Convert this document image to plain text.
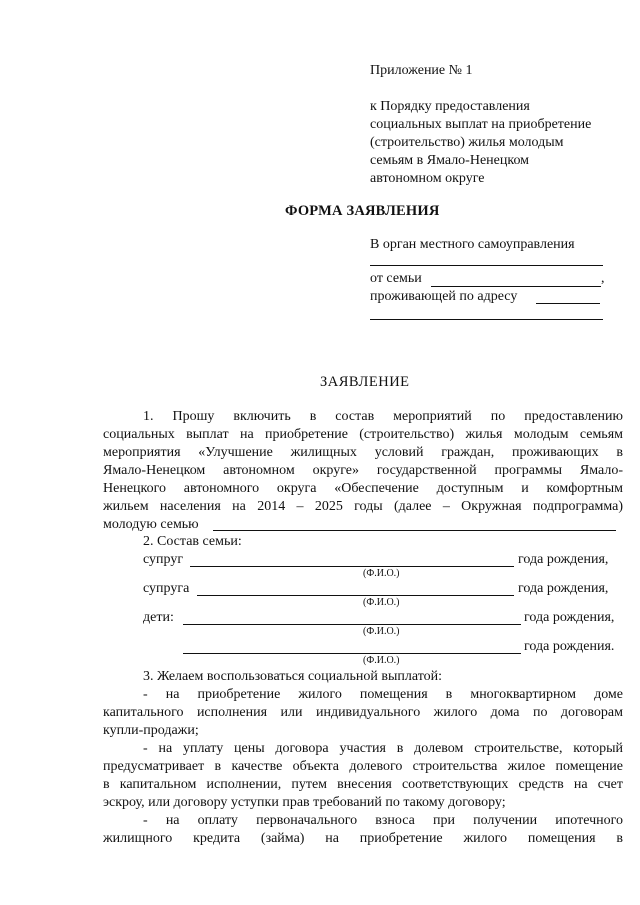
Приложение № 1
к Порядку предоставления
социальных выплат на приобретение
(строительство) жилья молодым
семьям в Ямало-Ненецком
автономном округе
ФОРМА ЗАЯВЛЕНИЯ
В орган местного самоуправления
от семьи	,
проживающей по адресу
ЗАЯВЛЕНИЕ
1. Прошу включить в состав мероприятий по предоставлению
социальных выплат на приобретение (строительство) жилья молодым семьям
мероприятия «Улучшение жилищных условий граждан, проживающих в
Ямало-Ненецком автономном округе» государственной программы Ямало-
Ненецкого автономного округа «Обеспечение доступным и комфортным
жильем населения на 2014 – 2025 годы (далее – Окружная подпрограмма)
молодую семью
2. Состав семьи:
супруг	года рождения,
(Ф.И.О.)
супруга	года рождения,
(Ф.И.О.)
дети:	года рождения,
(Ф.И.О.)
года рождения.
(Ф.И.О.)
3. Желаем воспользоваться социальной выплатой:
- на приобретение жилого помещения в многоквартирном доме
капитального исполнения или индивидуального жилого дома по договорам
купли-продажи;
- на уплату цены договора участия в долевом строительстве, который
предусматривает в качестве объекта долевого строительства жилое помещение
в капитальном исполнении, путем внесения соответствующих средств на счет
эскроу, или договору уступки прав требований по такому договору;
- на оплату первоначального взноса при получении ипотечного
жилищного кредита (займа) на приобретение жилого помещения в
